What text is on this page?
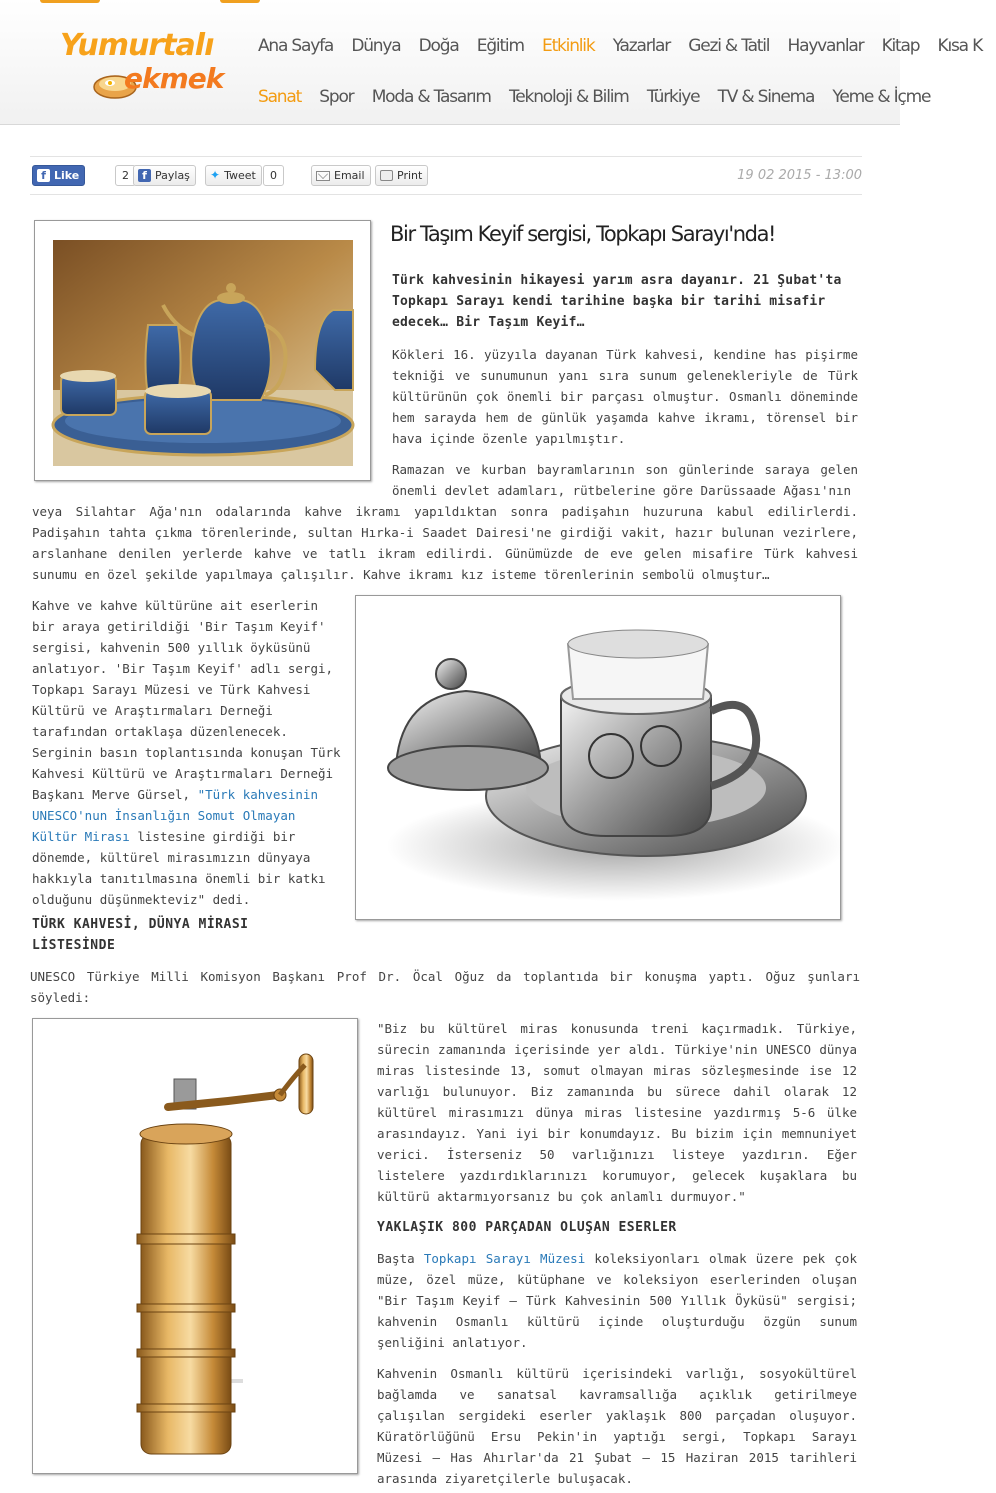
Yumurtalı
ekmek
Ana Sayfa Dünya Doğa Eğitim Etkinlik Yazarlar Gezi & Tatil Hayvanlar Kitap Kısa K
Sanat Spor Moda & Tasarım Teknoloji & Bilim Türkiye TV & Sinema Yeme & İçme
f Like	2	f Paylaş ✦ Tweet	0	Email	Print	19 02 2015 - 13:00
Bir Taşım Keyif sergisi, Topkapı Sarayı'nda!

Türk kahvesinin hikayesi yarım asra dayanır. 21 Şubat'ta Topkapı Sarayı kendi tarihine başka bir tarihi misafir edecek… Bir Taşım Keyif…

Kökleri 16. yüzyıla dayanan Türk kahvesi, kendine has pişirme tekniği ve sunumunun yanı sıra sunum gelenekleriyle de Türk kültürünün çok önemli bir parçası olmuştur. Osmanlı döneminde hem sarayda hem de günlük yaşamda kahve ikramı, törensel bir hava içinde özenle yapılmıştır.

Ramazan ve kurban bayramlarının son günlerinde saraya gelen önemli devlet adamları, rütbelerine göre Darüssaade Ağası'nın

veya Silahtar Ağa'nın odalarında kahve ikramı yapıldıktan sonra padişahın huzuruna kabul edilirlerdi. Padişahın tahta çıkma törenlerinde, sultan Hırka-i Saadet Dairesi'ne girdiği vakit, hazır bulunan vezirlere, arslanhane denilen yerlerde kahve ve tatlı ikram edilirdi. Günümüzde de eve gelen misafire Türk kahvesi sunumu en özel şekilde yapılmaya çalışılır. Kahve ikramı kız isteme törenlerinin sembolü olmuştur…

Kahve ve kahve kültürüne ait eserlerin bir araya getirildiği 'Bir Taşım Keyif' sergisi, kahvenin 500 yıllık öyküsünü anlatıyor. 'Bir Taşım Keyif' adlı sergi, Topkapı Sarayı Müzesi ve Türk Kahvesi Kültürü ve Araştırmaları Derneği tarafından ortaklaşa düzenlenecek. Serginin basın toplantısında konuşan Türk Kahvesi Kültürü ve Araştırmaları Derneği Başkanı Merve Gürsel, "Türk kahvesinin UNESCO'nun İnsanlığın Somut Olmayan Kültür Mirası listesine girdiği bir dönemde, kültürel mirasımızın dünyaya hakkıyla tanıtılmasına önemli bir katkı olduğunu düşünmekteviz" dedi.

TÜRK KAHVESİ, DÜNYA MİRASI LİSTESİNDE

UNESCO Türkiye Milli Komisyon Başkanı Prof Dr. Öcal Oğuz da toplantıda bir konuşma yaptı. Oğuz şunları söyledi:

"Biz bu kültürel miras konusunda treni kaçırmadık. Türkiye, sürecin zamanında içerisinde yer aldı. Türkiye'nin UNESCO dünya miras listesinde 13, somut olmayan miras sözleşmesinde ise 12 varlığı bulunuyor. Biz zamanında bu sürece dahil olarak 12 kültürel mirasımızı dünya miras listesine yazdırmış 5-6 ülke arasındayız. Yani iyi bir konumdayız. Bu bizim için memnuniyet verici. İsterseniz 50 varlığınızı listeye yazdırın. Eğer listelere yazdırdıklarınızı korumuyor, gelecek kuşaklara bu kültürü aktarmıyorsanız bu çok anlamlı durmuyor."

YAKLAŞIK 800 PARÇADAN OLUŞAN ESERLER

Başta Topkapı Sarayı Müzesi koleksiyonları olmak üzere pek çok müze, özel müze, kütüphane ve koleksiyon eserlerinden oluşan "Bir Taşım Keyif – Türk Kahvesinin 500 Yıllık Öyküsü" sergisi; kahvenin Osmanlı kültürü içinde oluşturduğu özgün sunum şenliğini anlatıyor.

Kahvenin Osmanlı kültürü içerisindeki varlığı, sosyokültürel bağlamda ve sanatsal kavramsallığa açıklık getirilmeye çalışılan sergideki eserler yaklaşık 800 parçadan oluşuyor. Küratörlüğünü Ersu Pekin'in yaptığı sergi, Topkapı Sarayı Müzesi – Has Ahırlar'da 21 Şubat – 15 Haziran 2015 tarihleri arasında ziyaretçilerle buluşacak.
